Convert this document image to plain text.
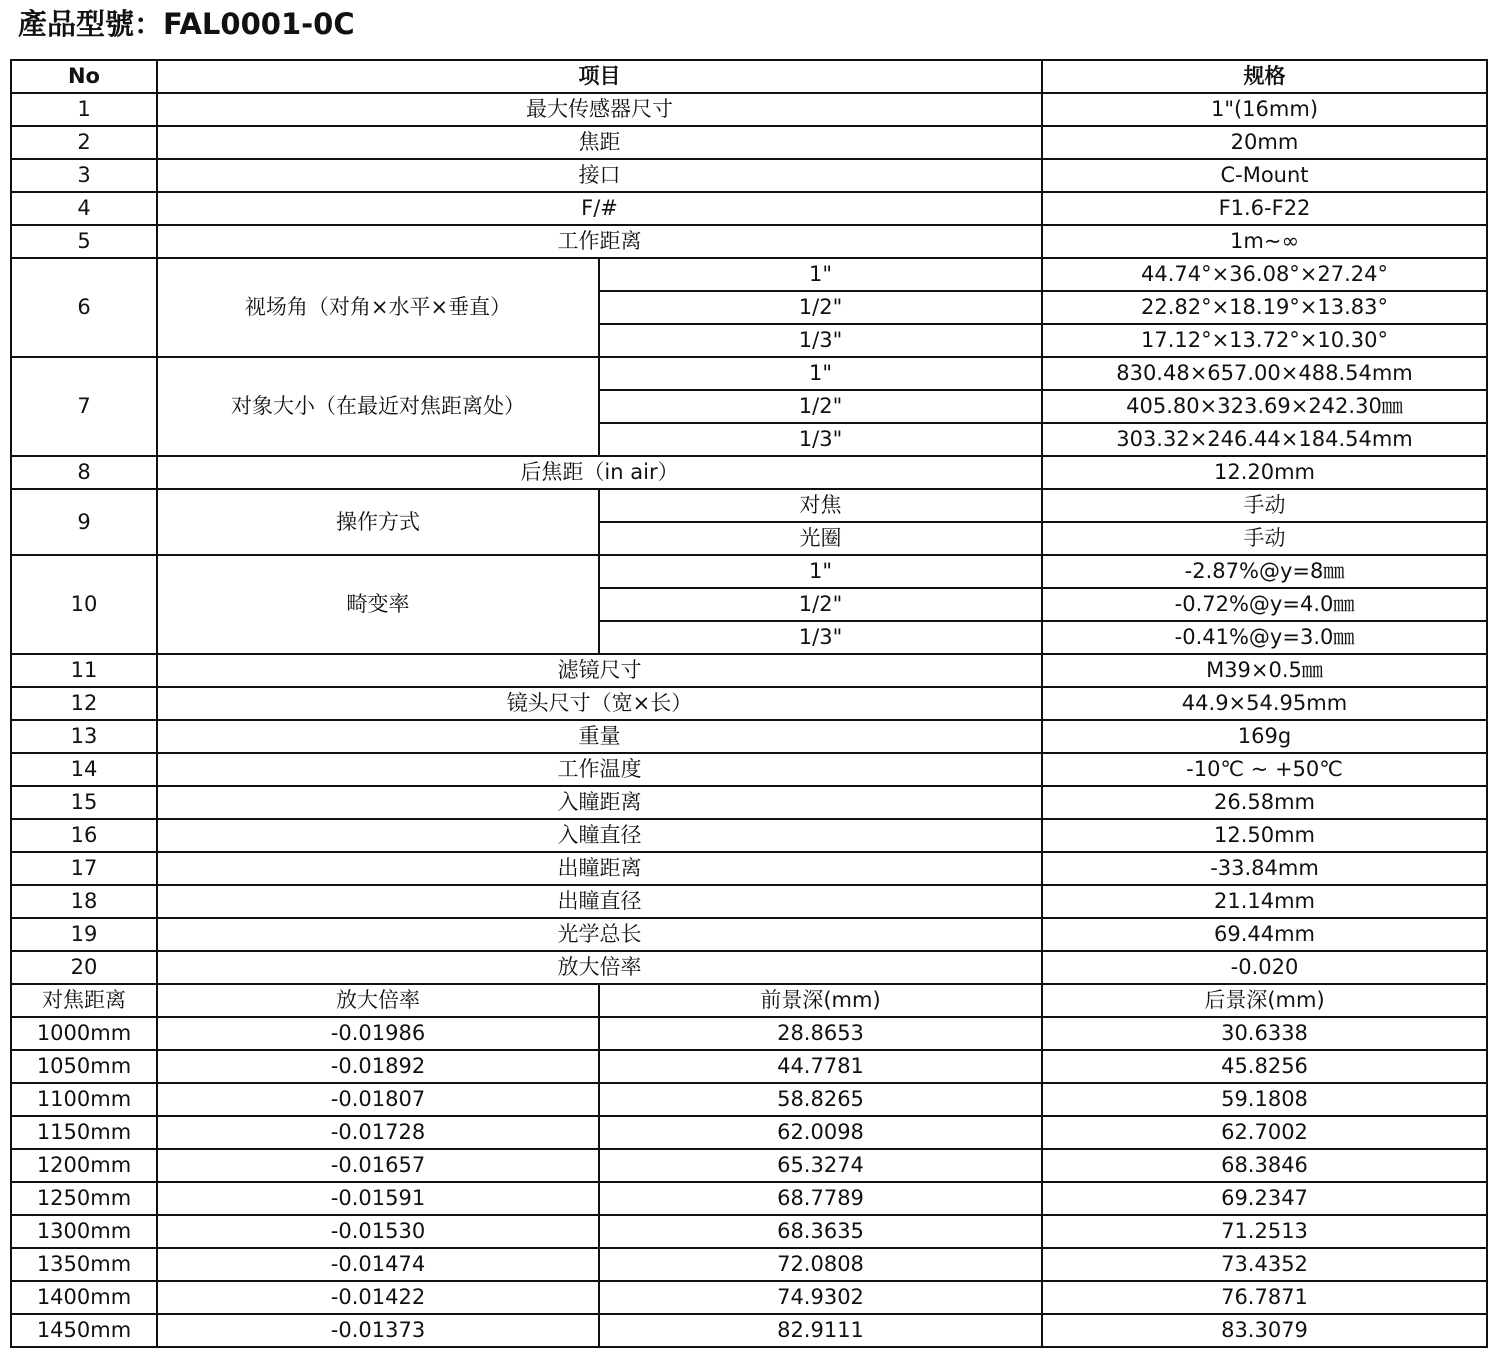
產品型號：FAL0001-0C
No	项目		规格
1	最大传感器尺寸		1"(16mm)
2	焦距		20mm
3	接口		C-Mount
4	F/#		F1.6-F22
5	工作距离		1m~∞
6	视场角（对角×水平×垂直）	1"	44.74°×36.08°×27.24°
		1/2"	22.82°×18.19°×13.83°
		1/3"	17.12°×13.72°×10.30°
7	对象大小（在最近对焦距离处）	1"	830.48×657.00×488.54mm
		1/2"	405.80×323.69×242.30㎜
		1/3"	303.32×246.44×184.54mm
8	后焦距（in air）		12.20mm
9	操作方式	对焦	手动
		光圈	手动
10	畸变率	1"	-2.87%@y=8㎜
		1/2"	-0.72%@y=4.0㎜
		1/3"	-0.41%@y=3.0㎜
11	滤镜尺寸		M39×0.5㎜
12	镜头尺寸（宽×长）		44.9×54.95mm
13	重量		169g
14	工作温度		-10℃ ~ +50℃
15	入瞳距离		26.58mm
16	入瞳直径		12.50mm
17	出瞳距离		-33.84mm
18	出瞳直径		21.14mm
19	光学总长		69.44mm
20	放大倍率		-0.020
对焦距离	放大倍率	前景深(mm)	后景深(mm)
1000mm	-0.01986	28.8653	30.6338
1050mm	-0.01892	44.7781	45.8256
1100mm	-0.01807	58.8265	59.1808
1150mm	-0.01728	62.0098	62.7002
1200mm	-0.01657	65.3274	68.3846
1250mm	-0.01591	68.7789	69.2347
1300mm	-0.01530	68.3635	71.2513
1350mm	-0.01474	72.0808	73.4352
1400mm	-0.01422	74.9302	76.7871
1450mm	-0.01373	82.9111	83.3079
